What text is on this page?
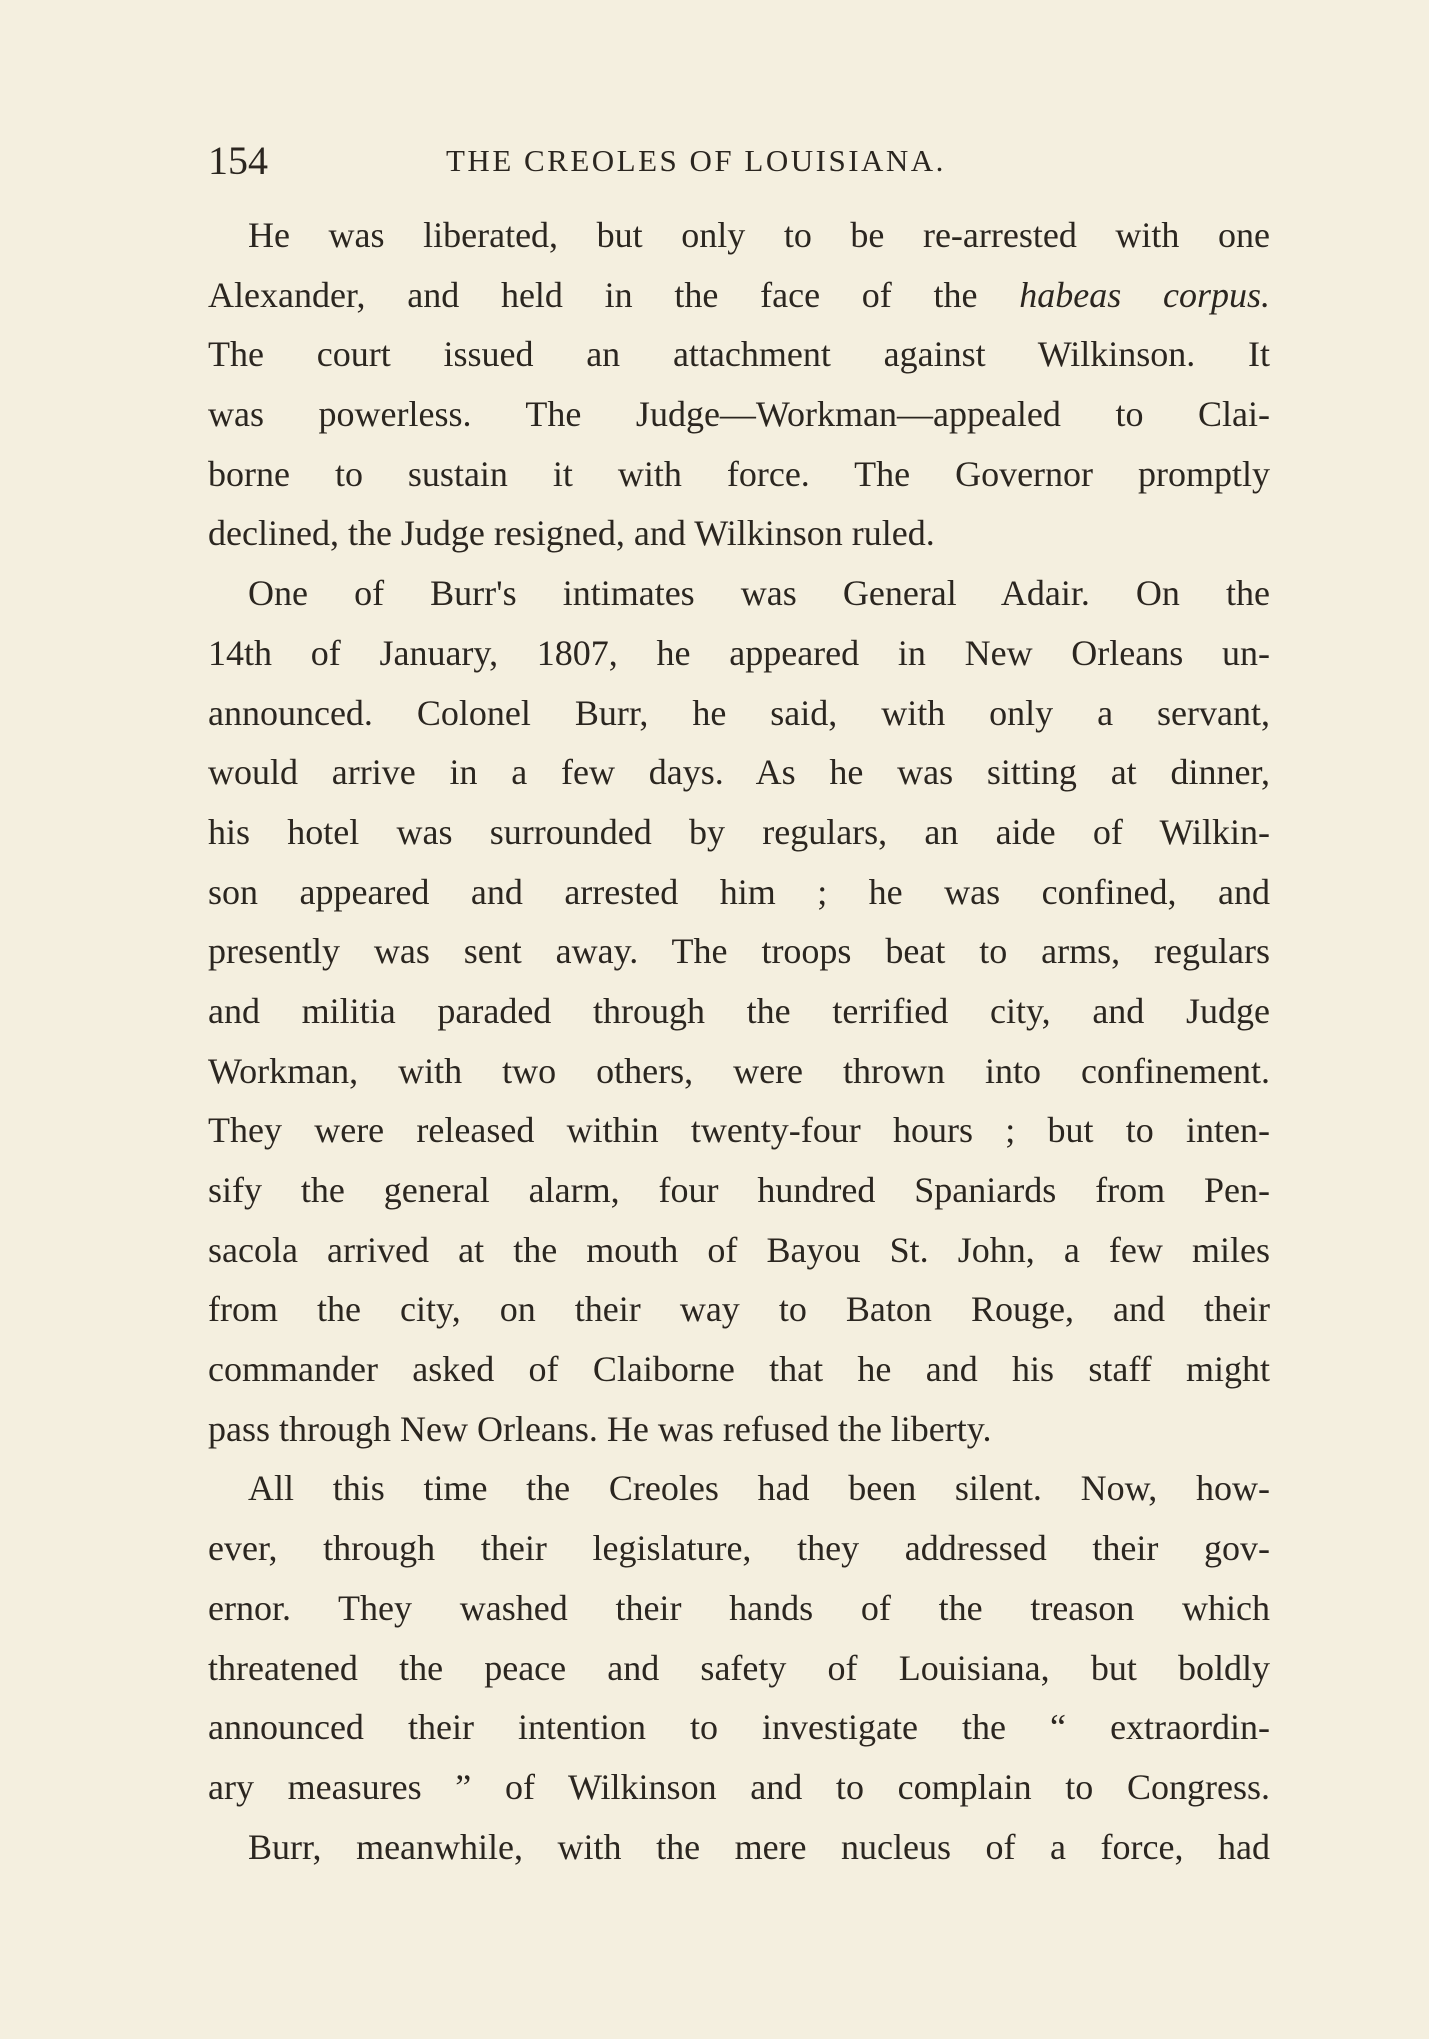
154	THE CREOLES OF LOUISIANA.
He was liberated, but only to be re-arrested with one
Alexander, and held in the face of the habeas corpus.
The court issued an attachment against Wilkinson. It
was powerless. The Judge—Workman—appealed to Clai-
borne to sustain it with force. The Governor promptly
declined, the Judge resigned, and Wilkinson ruled.
One of Burr's intimates was General Adair. On the
14th of January, 1807, he appeared in New Orleans un-
announced. Colonel Burr, he said, with only a servant,
would arrive in a few days. As he was sitting at dinner,
his hotel was surrounded by regulars, an aide of Wilkin-
son appeared and arrested him ; he was confined, and
presently was sent away. The troops beat to arms, regulars
and militia paraded through the terrified city, and Judge
Workman, with two others, were thrown into confinement.
They were released within twenty-four hours ; but to inten-
sify the general alarm, four hundred Spaniards from Pen-
sacola arrived at the mouth of Bayou St. John, a few miles
from the city, on their way to Baton Rouge, and their
commander asked of Claiborne that he and his staff might
pass through New Orleans. He was refused the liberty.
All this time the Creoles had been silent. Now, how-
ever, through their legislature, they addressed their gov-
ernor. They washed their hands of the treason which
threatened the peace and safety of Louisiana, but boldly
announced their intention to investigate the “ extraordin-
ary measures ” of Wilkinson and to complain to Congress.
Burr, meanwhile, with the mere nucleus of a force, had
